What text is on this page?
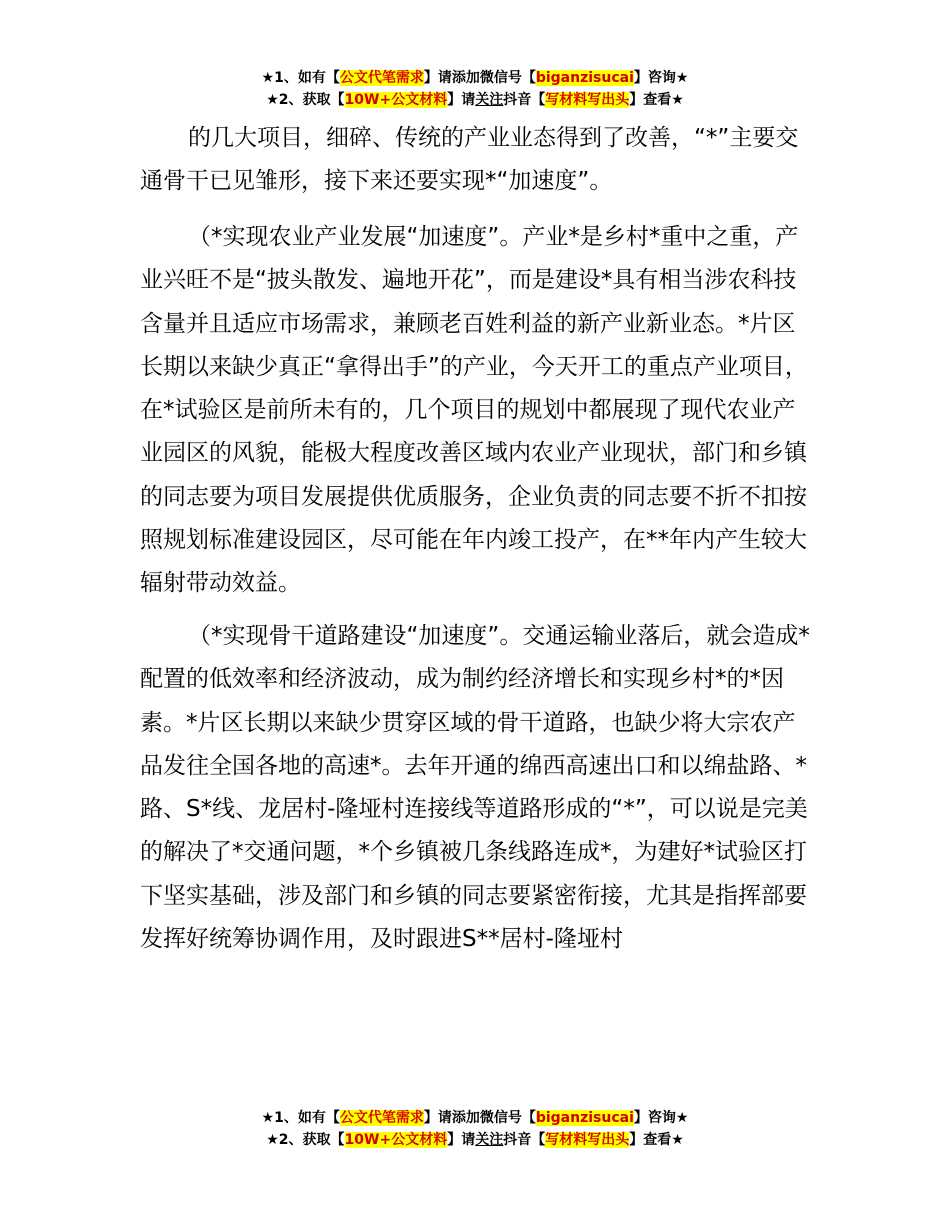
★1、如有【公文代笔需求】请添加微信号【biganzisucai】咨询★
★2、获取【10W+公文材料】请关注抖音【写材料写出头】查看★

的几大项目，细碎、传统的产业业态得到了改善，“*”主要交通骨干已见雏形，接下来还要实现*“加速度”。

（*实现农业产业发展“加速度”。产业*是乡村*重中之重，产业兴旺不是“披头散发、遍地开花”，而是建设*具有相当涉农科技含量并且适应市场需求，兼顾老百姓利益的新产业新业态。*片区长期以来缺少真正“拿得出手”的产业，今天开工的重点产业项目，在*试验区是前所未有的，几个项目的规划中都展现了现代农业产业园区的风貌，能极大程度改善区域内农业产业现状，部门和乡镇的同志要为项目发展提供优质服务，企业负责的同志要不折不扣按照规划标准建设园区，尽可能在年内竣工投产，在**年内产生较大辐射带动效益。

（*实现骨干道路建设“加速度”。交通运输业落后，就会造成*配置的低效率和经济波动，成为制约经济增长和实现乡村*的*因素。*片区长期以来缺少贯穿区域的骨干道路，也缺少将大宗农产品发往全国各地的高速*。去年开通的绵西高速出口和以绵盐路、*路、S*线、龙居村-隆垭村连接线等道路形成的“*”，可以说是完美的解决了*交通问题，*个乡镇被几条线路连成*，为建好*试验区打下坚实基础，涉及部门和乡镇的同志要紧密衔接，尤其是指挥部要发挥好统筹协调作用，及时跟进S**居村-隆垭村

★1、如有【公文代笔需求】请添加微信号【biganzisucai】咨询★
★2、获取【10W+公文材料】请关注抖音【写材料写出头】查看★
